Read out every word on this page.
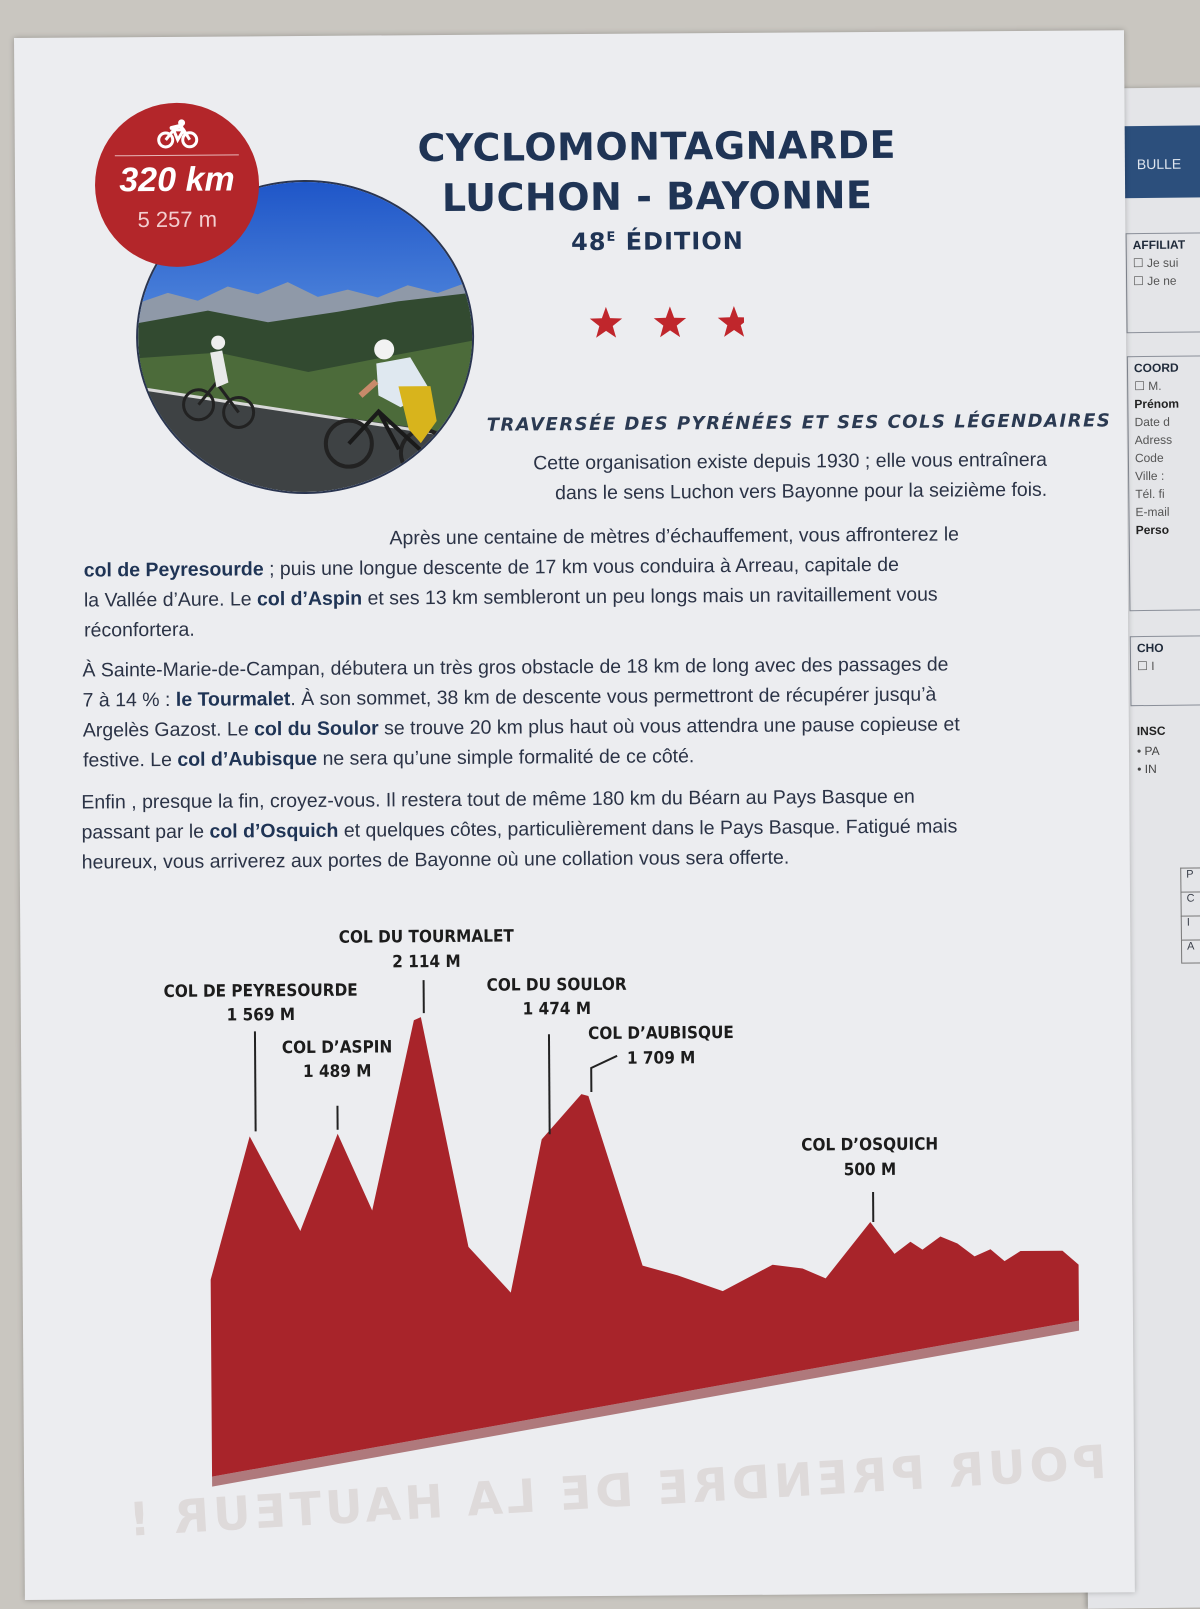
BULLE
AFFILIAT
☐ Je sui
☐ Je ne
COORD
☐ M.
Prénom
Date d
Adress
Code
Ville :
Tél. fi
E-mail
Perso
CHO
☐ I
INSC
• PA
• IN
P
C
I
A
320 km
5 257 m
CYCLOMONTAGNARDE
LUCHON - BAYONNE
$48^E$ ÉDITION
TRAVERSÉE DES PYRÉNÉES ET SES COLS LÉGENDAIRES
Cette organisation existe depuis 1930 ; elle vous entraînera
dans le sens Luchon vers Bayonne pour la seizième fois.
Après une centaine de mètres d’échauffement, vous affronterez le
col de Peyresourde ; puis une longue descente de 17 km vous conduira à Arreau, capitale de
la Vallée d’Aure. Le col d’Aspin et ses 13 km sembleront un peu longs mais un ravitaillement vous
réconfortera.
À Sainte-Marie-de-Campan, débutera un très gros obstacle de 18 km de long avec des passages de
7 à 14 % : le Tourmalet. À son sommet, 38 km de descente vous permettront de récupérer jusqu’à
Argelès Gazost. Le col du Soulor se trouve 20 km plus haut où vous attendra une pause copieuse et
festive. Le col d’Aubisque ne sera qu’une simple formalité de ce côté.
Enfin , presque la fin, croyez-vous. Il restera tout de même 180 km du Béarn au Pays Basque en
passant par le col d’Osquich et quelques côtes, particulièrement dans le Pays Basque. Fatigué mais
heureux, vous arriverez aux portes de Bayonne où une collation vous sera offerte.
POUR PRENDRE DE LA HAUTEUR !
COL DE PEYRESOURDE
1 569 M
COL D’ASPIN
1 489 M
COL DU TOURMALET
2 114 M
COL DU SOULOR
1 474 M
COL D’AUBISQUE
1 709 M
COL D’OSQUICH
500 M
